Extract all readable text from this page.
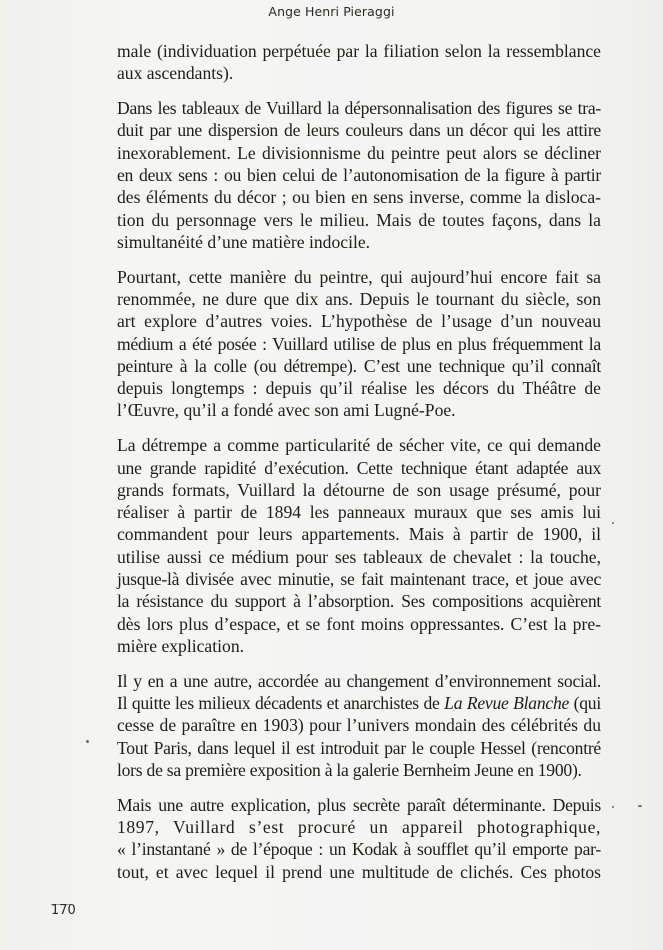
Ange Henri Pieraggi

male (individuation perpétuée par la filiation selon la ressemblance
aux ascendants).

Dans les tableaux de Vuillard la dépersonnalisation des figures se tra-
duit par une dispersion de leurs couleurs dans un décor qui les attire
inexorablement. Le divisionnisme du peintre peut alors se décliner
en deux sens : ou bien celui de l’autonomisation de la figure à partir
des éléments du décor ; ou bien en sens inverse, comme la disloca-
tion du personnage vers le milieu. Mais de toutes façons, dans la
simultanéité d’une matière indocile.

Pourtant, cette manière du peintre, qui aujourd’hui encore fait sa
renommée, ne dure que dix ans. Depuis le tournant du siècle, son
art explore d’autres voies. L’hypothèse de l’usage d’un nouveau
médium a été posée : Vuillard utilise de plus en plus fréquemment la
peinture à la colle (ou détrempe). C’est une technique qu’il connaît
depuis longtemps : depuis qu’il réalise les décors du Théâtre de
l’Œuvre, qu’il a fondé avec son ami Lugné-Poe.

La détrempe a comme particularité de sécher vite, ce qui demande
une grande rapidité d’exécution. Cette technique étant adaptée aux
grands formats, Vuillard la détourne de son usage présumé, pour
réaliser à partir de 1894 les panneaux muraux que ses amis lui
commandent pour leurs appartements. Mais à partir de 1900, il
utilise aussi ce médium pour ses tableaux de chevalet : la touche,
jusque-là divisée avec minutie, se fait maintenant trace, et joue avec
la résistance du support à l’absorption. Ses compositions acquièrent
dès lors plus d’espace, et se font moins oppressantes. C’est la pre-
mière explication.

Il y en a une autre, accordée au changement d’environnement social.
Il quitte les milieux décadents et anarchistes de La Revue Blanche (qui
cesse de paraître en 1903) pour l’univers mondain des célébrités du
Tout Paris, dans lequel il est introduit par le couple Hessel (rencontré
lors de sa première exposition à la galerie Bernheim Jeune en 1900).

Mais une autre explication, plus secrète paraît déterminante. Depuis
1897, Vuillard s’est procuré un appareil photographique,
« l’instantané » de l’époque : un Kodak à soufflet qu’il emporte par-
tout, et avec lequel il prend une multitude de clichés. Ces photos

170
